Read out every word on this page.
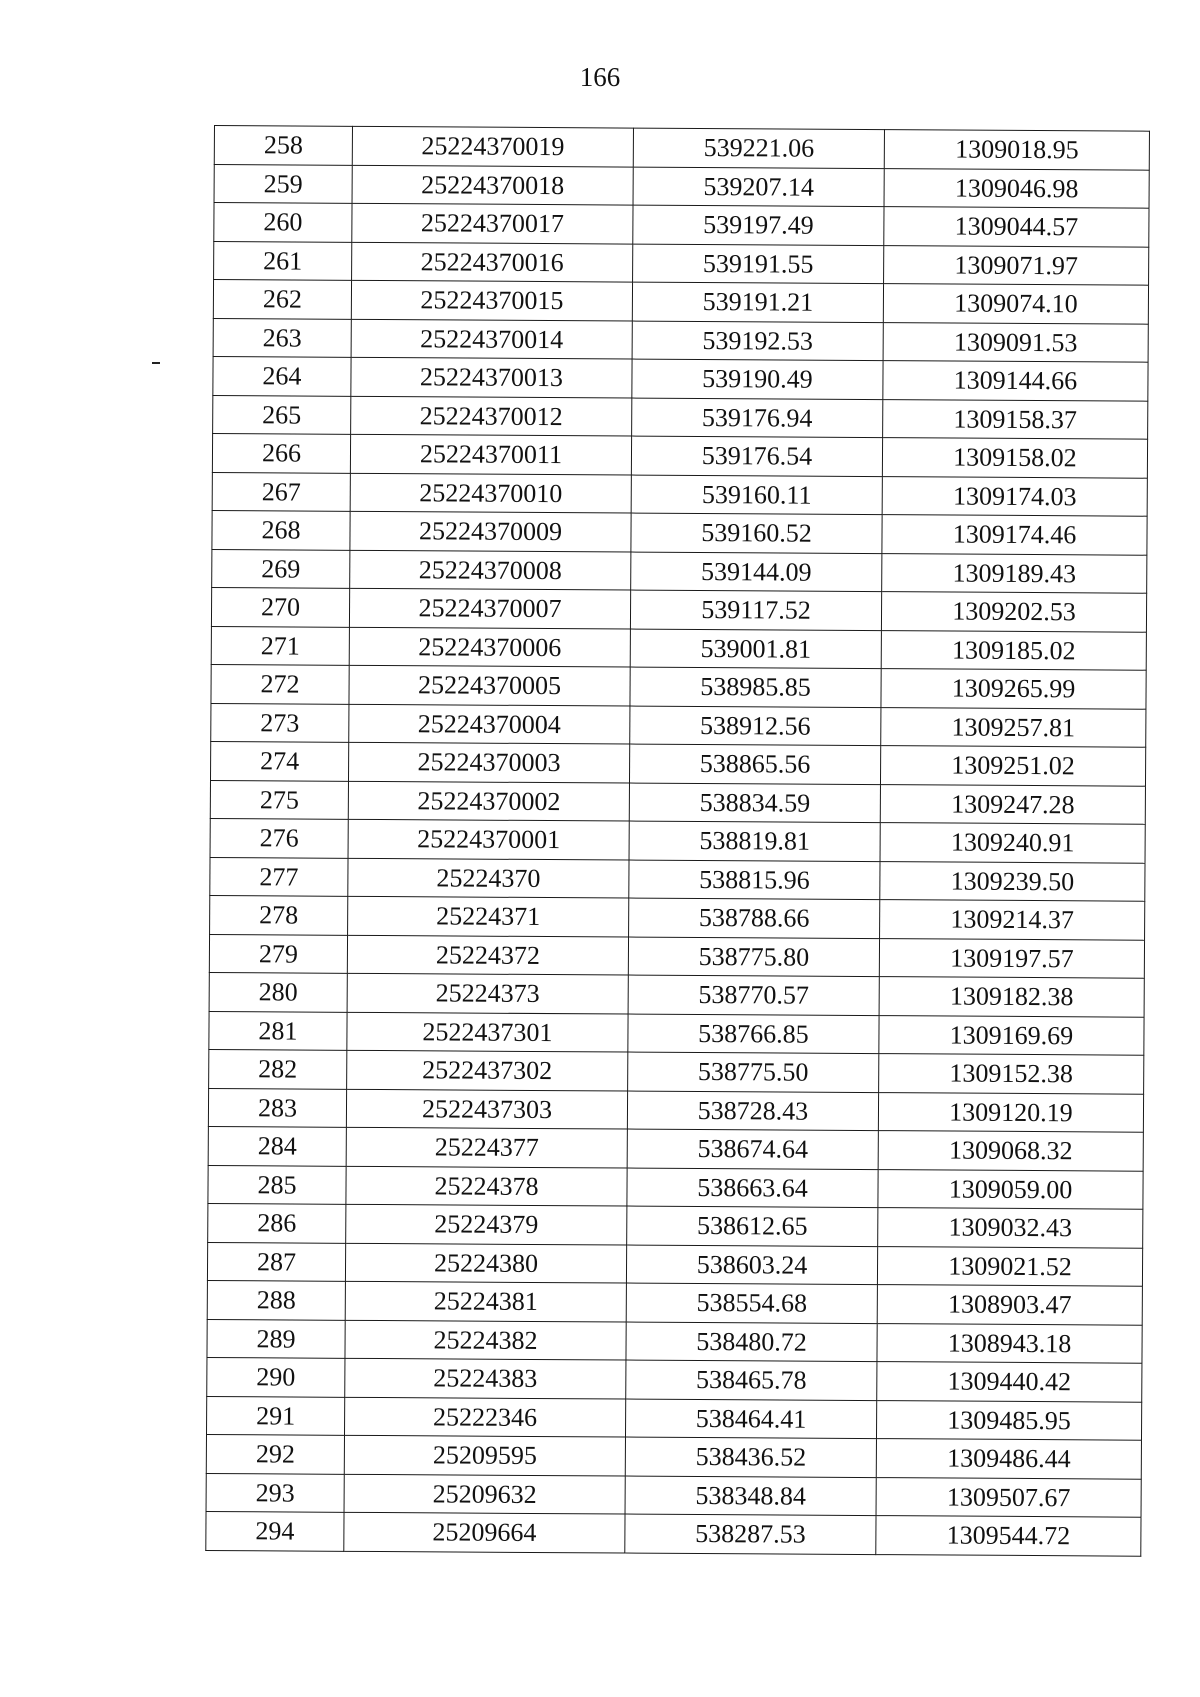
166
258	25224370019	539221.06	1309018.95
259	25224370018	539207.14	1309046.98
260	25224370017	539197.49	1309044.57
261	25224370016	539191.55	1309071.97
262	25224370015	539191.21	1309074.10
263	25224370014	539192.53	1309091.53
264	25224370013	539190.49	1309144.66
265	25224370012	539176.94	1309158.37
266	25224370011	539176.54	1309158.02
267	25224370010	539160.11	1309174.03
268	25224370009	539160.52	1309174.46
269	25224370008	539144.09	1309189.43
270	25224370007	539117.52	1309202.53
271	25224370006	539001.81	1309185.02
272	25224370005	538985.85	1309265.99
273	25224370004	538912.56	1309257.81
274	25224370003	538865.56	1309251.02
275	25224370002	538834.59	1309247.28
276	25224370001	538819.81	1309240.91
277	25224370	538815.96	1309239.50
278	25224371	538788.66	1309214.37
279	25224372	538775.80	1309197.57
280	25224373	538770.57	1309182.38
281	2522437301	538766.85	1309169.69
282	2522437302	538775.50	1309152.38
283	2522437303	538728.43	1309120.19
284	25224377	538674.64	1309068.32
285	25224378	538663.64	1309059.00
286	25224379	538612.65	1309032.43
287	25224380	538603.24	1309021.52
288	25224381	538554.68	1308903.47
289	25224382	538480.72	1308943.18
290	25224383	538465.78	1309440.42
291	25222346	538464.41	1309485.95
292	25209595	538436.52	1309486.44
293	25209632	538348.84	1309507.67
294	25209664	538287.53	1309544.72
